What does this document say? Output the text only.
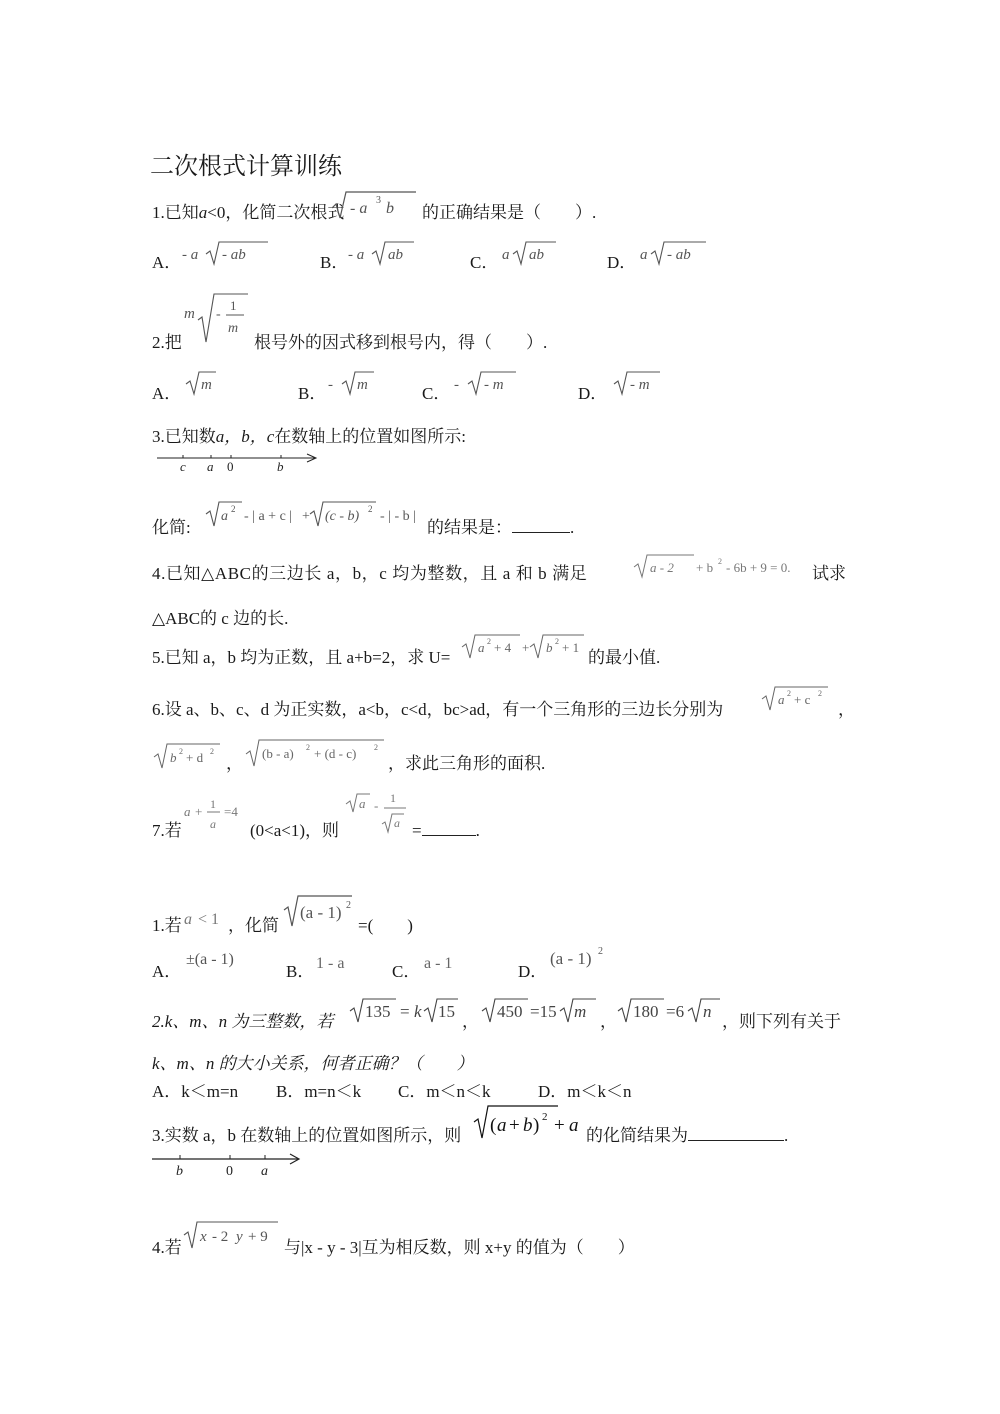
二次根式计算训练
1.已知a<0，化简二次根式 - a 3 b 的正确结果是（　　）.
A． - a - ab	B． - a ab	C． a ab	D． a - ab
2.把
m -
1
m
根号外的因式移到根号内，得（　　）.
A． m	B． - m	C． - - m	D． - m
3.已知数a，b，c在数轴上的位置如图所示:
c a 0	b
化简:
a 2 - | a + c | + (c - b) 2 - | - b |
的结果是：	.
4.已知△ABC的三边长 a，b，c 均为整数，且 a 和 b 满足	a - 2 + b 2 - 6b + 9 = 0. 试求
△ABC的 c 边的长.
5.已知 a，b 均为正数，且 a+b=2，求 U=
a 2 + 4 + b 2 + 1
的最小值.
6.设 a、b、c、d 为正实数，a<b，c<d，bc>ad，有一个三角形的三边长分别为
a 2 + c 2
，
b 2 + d 2
，
(b - a) 2 + (d - c) 2
，求此三角形的面积.
7.若
a + 1
a
=4
(0<a<1)，则
a - 1
a =	.
1.若 a < 1 ，化简
(a - 1) 2
=(　　)
A．
±(a - 1)
B． 1 - a	C． a - 1	D．
(a - 1) 2
2.k、m、n 为三整数，若
135 = k 15
，
450 =15 m
，
180 =6 n
，则下列有关于
k、m、n 的大小关系，何者正确？（　　）
A．k＜m=n B．m=n＜k C．m＜n＜k	D．m＜k＜n
3.实数 a，b 在数轴上的位置如图所示，则 ( a + b ) 2 + a 的化简结果为	.
b	0 a
4.若
x - 2 y + 9
与|x - y - 3|互为相反数，则 x+y 的值为（　　）
